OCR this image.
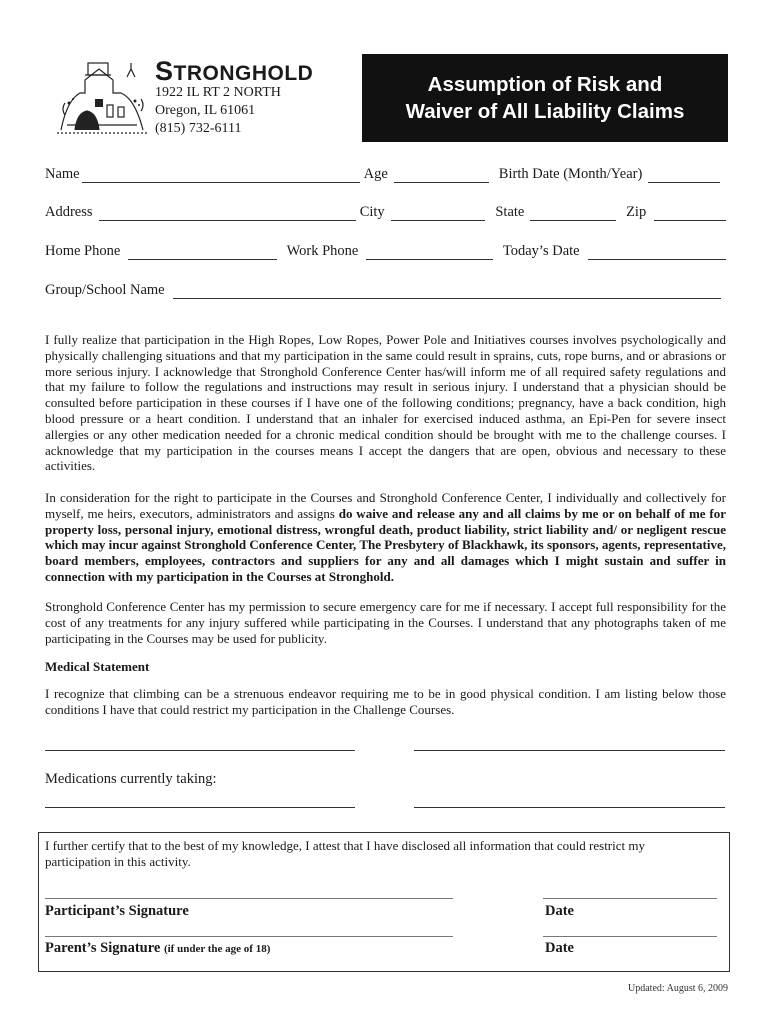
STRONGHOLD
1922 IL RT 2 NORTH
Oregon, IL 61061
(815) 732-6111
Assumption of Risk and
Waiver of All Liability Claims
Name	Age	Birth Date (Month/Year)
Address	City	State	Zip
Home Phone	Work Phone	Today’s Date
Group/School Name
I fully realize that participation in the High Ropes, Low Ropes, Power Pole and Initiatives courses involves psychologically and physically challenging situations and that my participation in the same could result in sprains, cuts, rope burns, and or abrasions or more serious injury. I acknowledge that Stronghold Conference Center has/will inform me of all required safety regulations and that my failure to follow the regulations and instructions may result in serious injury. I understand that a physician should be consulted before participation in these courses if I have one of the following conditions; pregnancy, have a back condition, high blood pressure or a heart condition. I understand that an inhaler for exercised induced asthma, an Epi-Pen for severe insect allergies or any other medication needed for a chronic medical condition should be brought with me to the challenge courses. I acknowledge that my participation in the courses means I accept the dangers that are open, obvious and necessary to these activities.
In consideration for the right to participate in the Courses and Stronghold Conference Center, I individually and collectively for myself, me heirs, executors, administrators and assigns do waive and release any and all claims by me or on behalf of me for property loss, personal injury, emotional distress, wrongful death, product liability, strict liability and/ or negligent rescue which may incur against Stronghold Conference Center, The Presbytery of Blackhawk, its sponsors, agents, representative, board members, employees, contractors and suppliers for any and all damages which I might sustain and suffer in connection with my participation in the Courses at Stronghold.
Stronghold Conference Center has my permission to secure emergency care for me if necessary. I accept full responsibility for the cost of any treatments for any injury suffered while participating in the Courses. I understand that any photographs taken of me participating in the Courses may be used for publicity.
Medical Statement
I recognize that climbing can be a strenuous endeavor requiring me to be in good physical condition. I am listing below those conditions I have that could restrict my participation in the Challenge Courses.
Medications currently taking:
I further certify that to the best of my knowledge, I attest that I have disclosed all information that could restrict my participation in this activity.
Participant’s Signature	Date
Parent’s Signature (if under the age of 18)	Date
Updated: August 6, 2009
